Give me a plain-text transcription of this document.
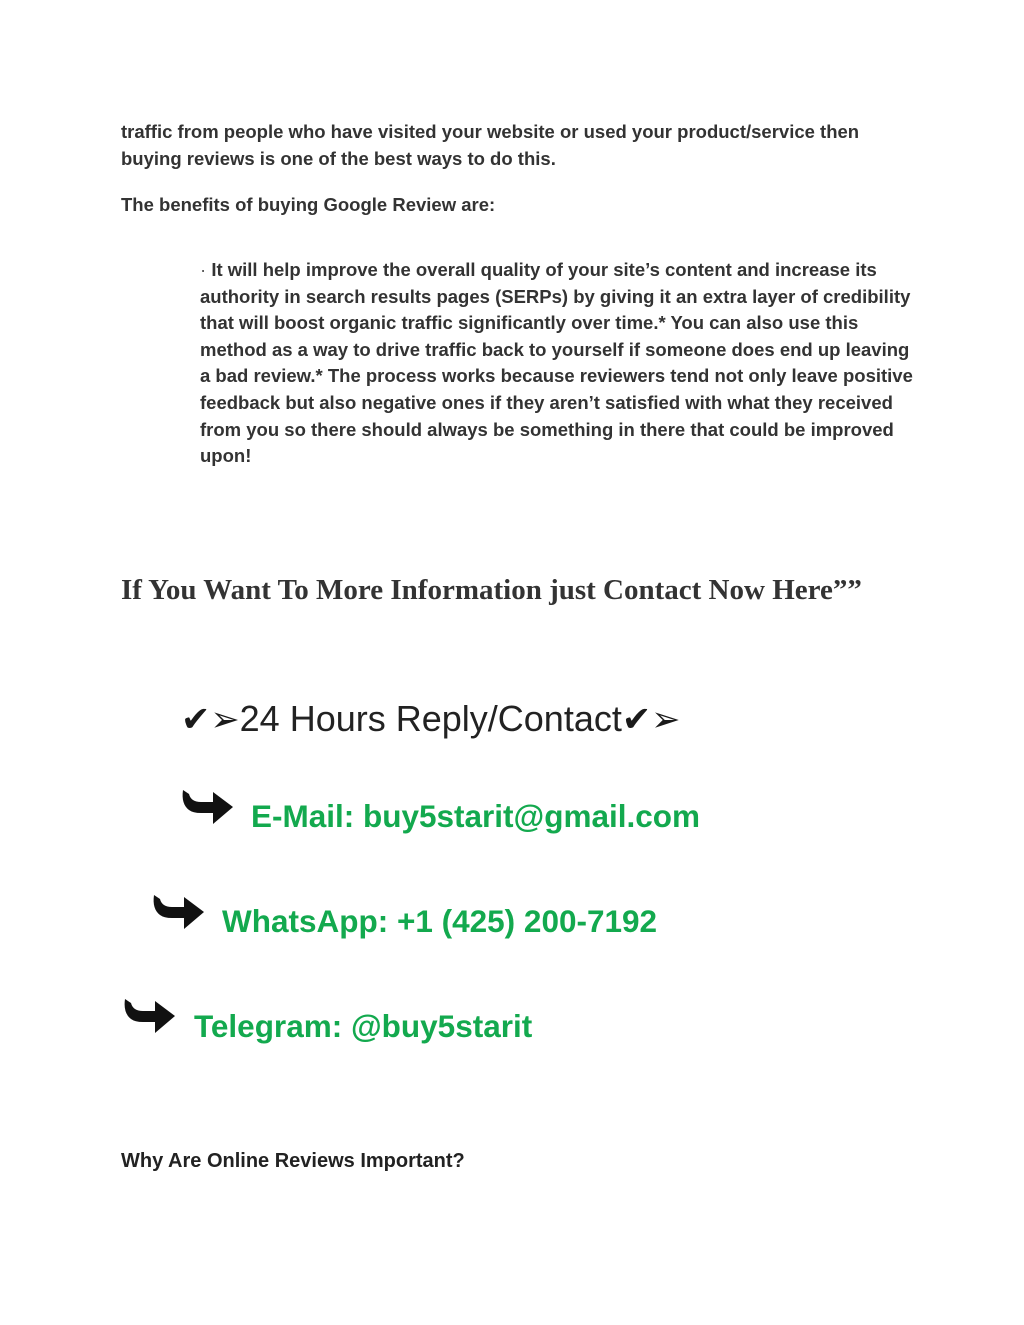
traffic from people who have visited your website or used your product/service then buying reviews is one of the best ways to do this.
The benefits of buying Google Review are:
· It will help improve the overall quality of your site’s content and increase its authority in search results pages (SERPs) by giving it an extra layer of credibility that will boost organic traffic significantly over time.* You can also use this method as a way to drive traffic back to yourself if someone does end up leaving a bad review.* The process works because reviewers tend not only leave positive feedback but also negative ones if they aren’t satisfied with what they received from you so there should always be something in there that could be improved upon!
If You Want To More Information just Contact Now Here””
✔➢24 Hours Reply/Contact✔➢
E-Mail: buy5starit@gmail.com
WhatsApp: +1 (425) 200-7192
Telegram: @buy5starit
Why Are Online Reviews Important?
